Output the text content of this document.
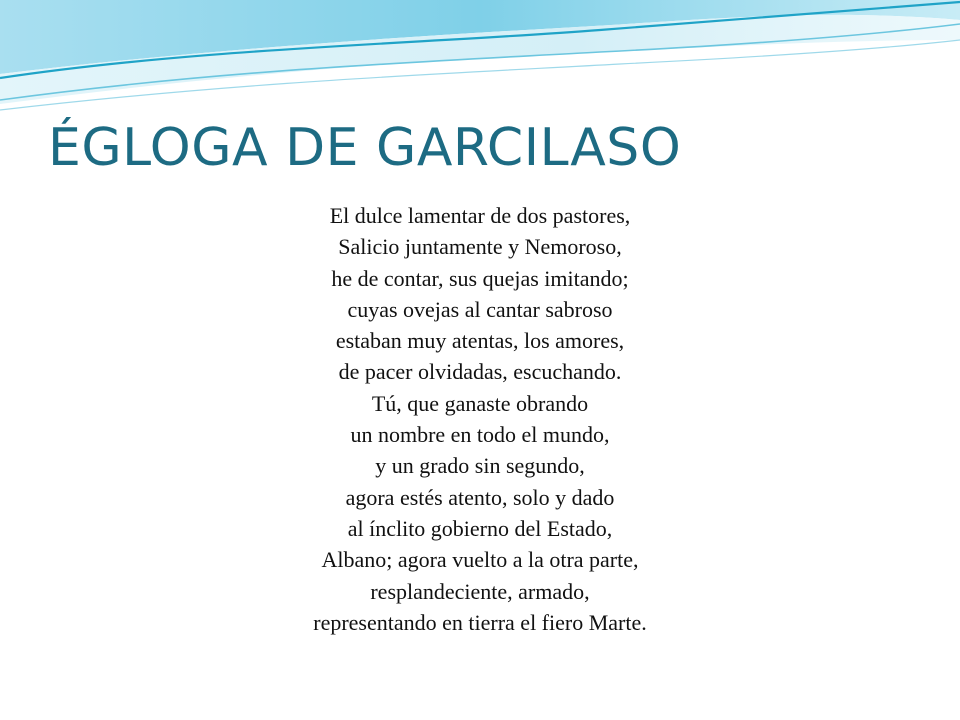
ÉGLOGA DE GARCILASO
El dulce lamentar de dos pastores,
Salicio juntamente y Nemoroso,
he de contar, sus quejas imitando;
cuyas ovejas al cantar sabroso
estaban muy atentas, los amores,
de pacer olvidadas, escuchando.
Tú, que ganaste obrando
un nombre en todo el mundo,
y un grado sin segundo,
agora estés atento, solo y dado
al ínclito gobierno del Estado,
Albano; agora vuelto a la otra parte,
resplandeciente, armado,
representando en tierra el fiero Marte.
